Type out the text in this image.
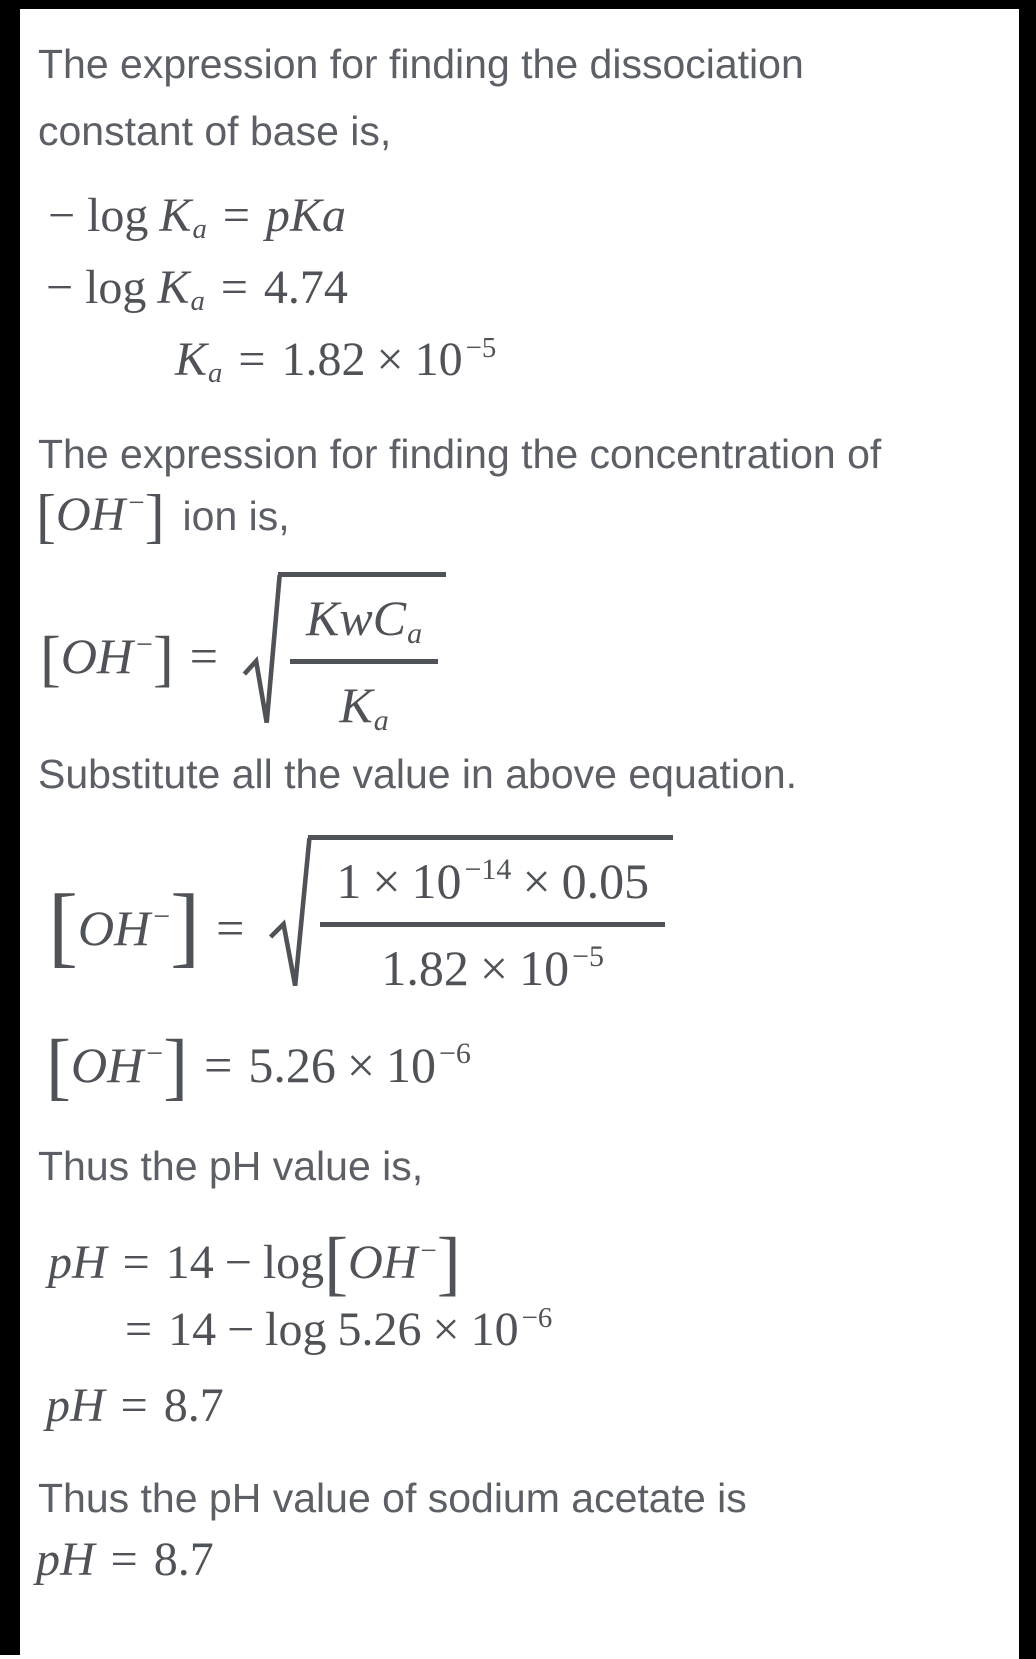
The expression for finding the dissociation
constant of base is,
− log K a = pKa
− log K a = 4.74
K a = 1.82 × 10 −5
The expression for finding the concentration of
[ OH − ] ion is,
[ OH − ] =
K w C a
K a
Substitute all the value in above equation.
[ OH − ] =
1 × 10 −14 × 0.05
1.82 × 10 −5
[ OH − ] = 5.26 × 10 −6
Thus the pH value is,
pH = 14 − log [ OH − ]
= 14 − log 5.26 × 10 −6
pH = 8.7
Thus the pH value of sodium acetate is
pH = 8.7
